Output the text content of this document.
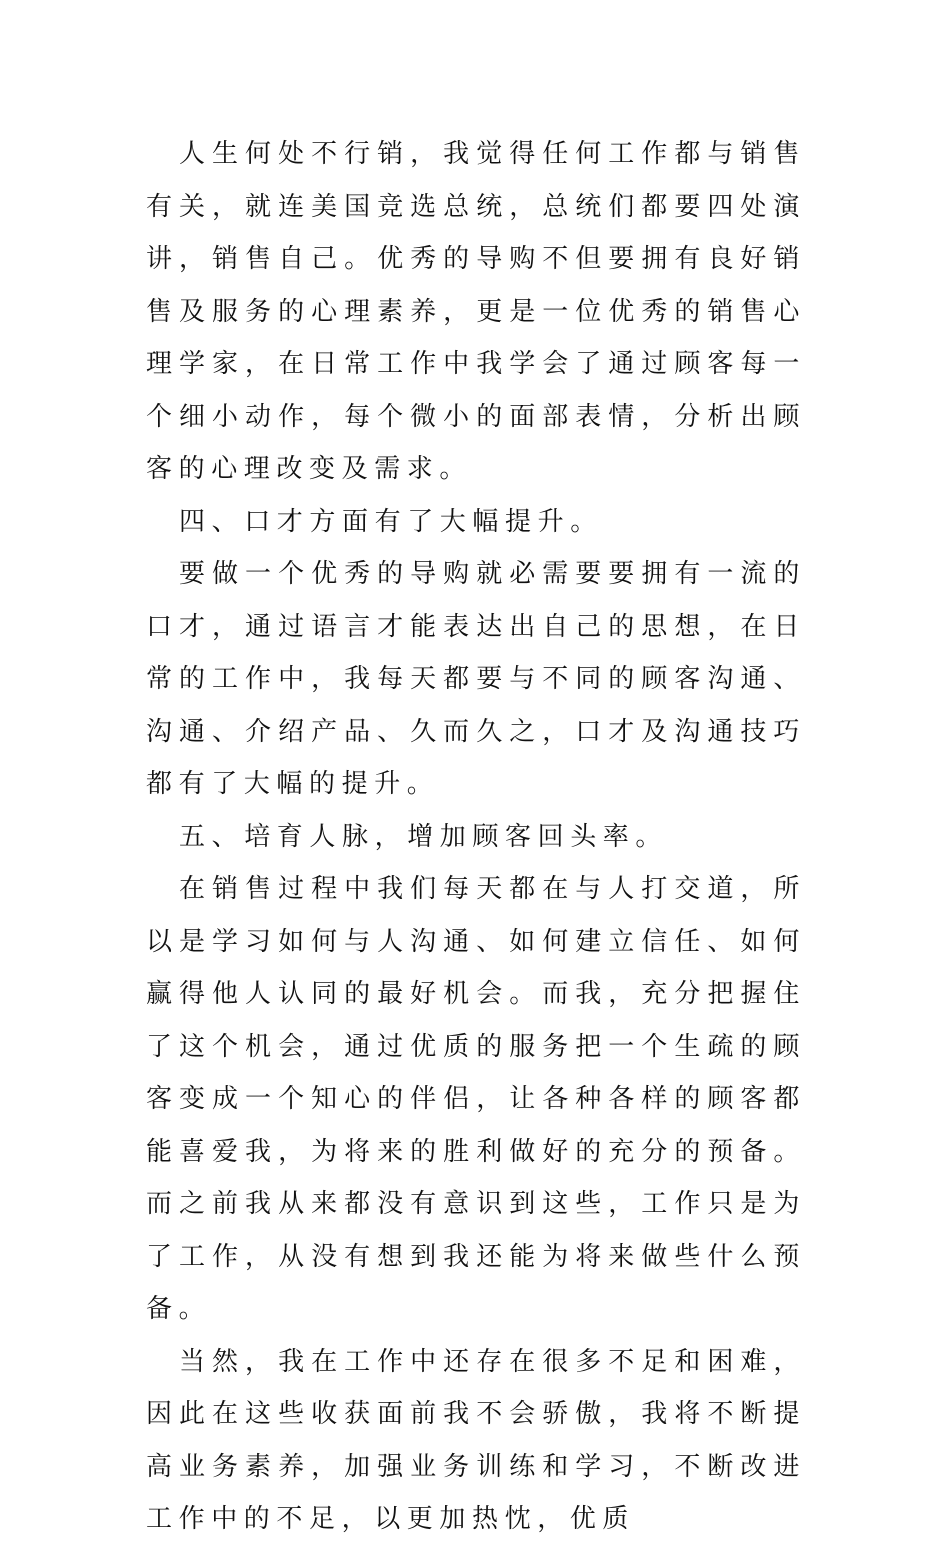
人生何处不行销，我觉得任何工作都与销售有关，就连美国竞选总统，总统们都要四处演讲，销售自己。优秀的导购不但要拥有良好销售及服务的心理素养，更是一位优秀的销售心理学家，在日常工作中我学会了通过顾客每一个细小动作，每个微小的面部表情，分析出顾客的心理改变及需求。

四、口才方面有了大幅提升。

要做一个优秀的导购就必需要要拥有一流的口才，通过语言才能表达出自己的思想，在日常的工作中，我每天都要与不同的顾客沟通、沟通、介绍产品、久而久之，口才及沟通技巧都有了大幅的提升。

五、培育人脉，增加顾客回头率。

在销售过程中我们每天都在与人打交道，所以是学习如何与人沟通、如何建立信任、如何赢得他人认同的最好机会。而我，充分把握住了这个机会，通过优质的服务把一个生疏的顾客变成一个知心的伴侣，让各种各样的顾客都能喜爱我，为将来的胜利做好的充分的预备。而之前我从来都没有意识到这些，工作只是为了工作，从没有想到我还能为将来做些什么预备。

当然，我在工作中还存在很多不足和困难，因此在这些收获面前我不会骄傲，我将不断提高业务素养，加强业务训练和学习，不断改进工作中的不足，以更加热忱，优质
